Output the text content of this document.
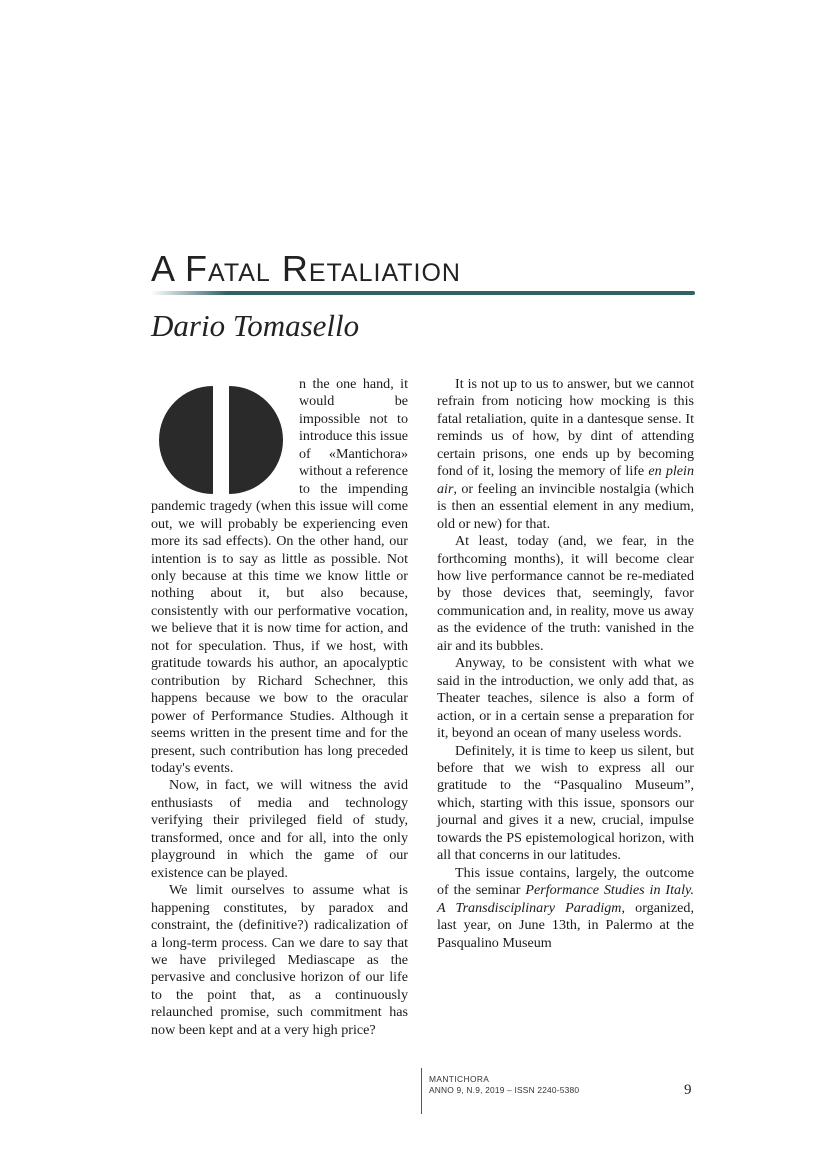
A Fatal Retaliation
Dario Tomasello

n the one hand, it would be impossible not to introduce this issue of «Mantichora» without a reference to the impending pandemic tragedy (when this issue will come out, we will probably be experiencing even more its sad effects). On the other hand, our intention is to say as little as possible. Not only because at this time we know little or nothing about it, but also because, consistently with our performative vocation, we believe that it is now time for action, and not for speculation. Thus, if we host, with gratitude towards his author, an apocalyptic contribution by Richard Schechner, this happens because we bow to the oracular power of Performance Studies. Although it seems written in the present time and for the present, such contribution has long preceded today's events.

Now, in fact, we will witness the avid enthusiasts of media and technology verifying their privileged field of study, transformed, once and for all, into the only playground in which the game of our existence can be played.

We limit ourselves to assume what is happening constitutes, by paradox and constraint, the (definitive?) radicalization of a long-term process. Can we dare to say that we have privileged Mediascape as the pervasive and conclusive horizon of our life to the point that, as a continuously relaunched promise, such commitment has now been kept and at a very high price?

It is not up to us to answer, but we cannot refrain from noticing how mocking is this fatal retaliation, quite in a dantesque sense. It reminds us of how, by dint of attending certain prisons, one ends up by becoming fond of it, losing the memory of life en plein air, or feeling an invincible nostalgia (which is then an essential element in any medium, old or new) for that.

At least, today (and, we fear, in the forthcoming months), it will become clear how live performance cannot be re-mediated by those devices that, seemingly, favor communication and, in reality, move us away as the evidence of the truth: vanished in the air and its bubbles.

Anyway, to be consistent with what we said in the introduction, we only add that, as Theater teaches, silence is also a form of action, or in a certain sense a preparation for it, beyond an ocean of many useless words.

Definitely, it is time to keep us silent, but before that we wish to express all our gratitude to the “Pasqualino Museum”, which, starting with this issue, sponsors our journal and gives it a new, crucial, impulse towards the PS epistemological horizon, with all that concerns in our latitudes.

This issue contains, largely, the outcome of the seminar Performance Studies in Italy. A Transdisciplinary Paradigm, organized, last year, on June 13th, in Palermo at the Pasqualino Museum

MANTICHORA

ANNO 9, N.9, 2019 – ISSN 2240-5380	9
